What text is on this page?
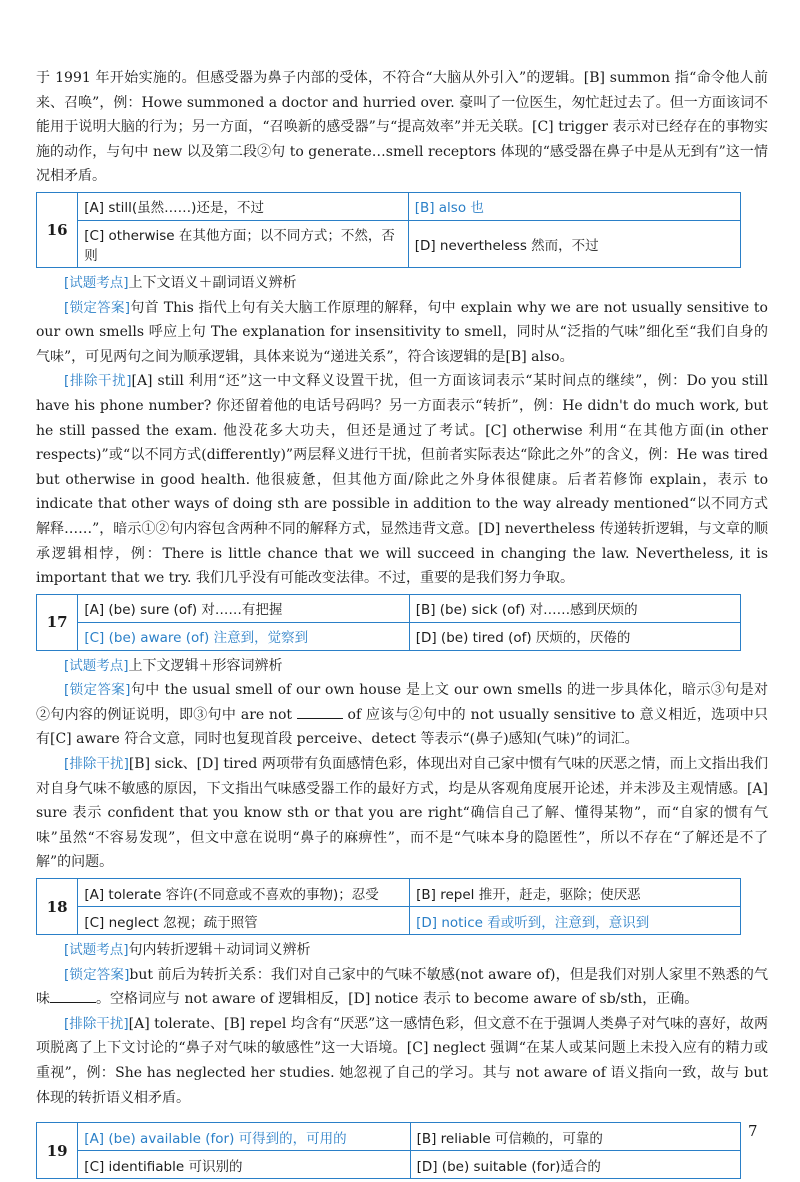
于 1991 年开始实施的。但感受器为鼻子内部的受体，不符合“大脑从外引入”的逻辑。[B] summon 指“命令他人前来、召唤”，例：Howe summoned a doctor and hurried over. 豪叫了一位医生，匆忙赶过去了。但一方面该词不能用于说明大脑的行为；另一方面，“召唤新的感受器”与“提高效率”并无关联。[C] trigger 表示对已经存在的事物实施的动作，与句中 new 以及第二段②句 to generate…smell receptors 体现的“感受器在鼻子中是从无到有”这一情况相矛盾。

16	[A] still(虽然……)还是，不过	[B] also 也
	[C] otherwise 在其他方面；以不同方式；不然，否则	[D] nevertheless 然而，不过

[试题考点]上下文语义＋副词语义辨析

[锁定答案]句首 This 指代上句有关大脑工作原理的解释，句中 explain why we are not usually sensitive to our own smells 呼应上句 The explanation for insensitivity to smell，同时从“泛指的气味”细化至“我们自身的气味”，可见两句之间为顺承逻辑，具体来说为“递进关系”，符合该逻辑的是[B] also。

[排除干扰][A] still 利用“还”这一中文释义设置干扰，但一方面该词表示“某时间点的继续”，例：Do you still have his phone number? 你还留着他的电话号码吗？另一方面表示“转折”，例：He didn't do much work, but he still passed the exam. 他没花多大功夫，但还是通过了考试。[C] otherwise 利用“在其他方面(in other respects)”或“以不同方式(differently)”两层释义进行干扰，但前者实际表达“除此之外”的含义，例：He was tired but otherwise in good health. 他很疲惫，但其他方面/除此之外身体很健康。后者若修饰 explain，表示 to indicate that other ways of doing sth are possible in addition to the way already mentioned“以不同方式解释……”，暗示①②句内容包含两种不同的解释方式，显然违背文意。[D] nevertheless 传递转折逻辑，与文章的顺承逻辑相悖，例：There is little chance that we will succeed in changing the law. Nevertheless, it is important that we try. 我们几乎没有可能改变法律。不过，重要的是我们努力争取。

17	[A] (be) sure (of) 对……有把握	[B] (be) sick (of) 对……感到厌烦的
	[C] (be) aware (of) 注意到，觉察到	[D] (be) tired (of) 厌烦的，厌倦的

[试题考点]上下文逻辑＋形容词辨析

[锁定答案]句中 the usual smell of our own house 是上文 our own smells 的进一步具体化，暗示③句是对②句内容的例证说明，即③句中 are not	of 应该与②句中的 not usually sensitive to 意义相近，选项中只有[C] aware 符合文意，同时也复现首段 perceive、detect 等表示“(鼻子)感知(气味)”的词汇。

[排除干扰][B] sick、[D] tired 两项带有负面感情色彩，体现出对自己家中惯有气味的厌恶之情，而上文指出我们对自身气味不敏感的原因，下文指出气味感受器工作的最好方式，均是从客观角度展开论述，并未涉及主观情感。[A] sure 表示 confident that you know sth or that you are right“确信自己了解、懂得某物”，而“自家的惯有气味”虽然“不容易发现”，但文中意在说明“鼻子的麻痹性”，而不是“气味本身的隐匿性”，所以不存在“了解还是不了解”的问题。

18	[A] tolerate 容许(不同意或不喜欢的事物)；忍受	[B] repel 推开，赶走，驱除；使厌恶
	[C] neglect 忽视；疏于照管	[D] notice 看或听到，注意到，意识到

[试题考点]句内转折逻辑＋动词词义辨析

[锁定答案]but 前后为转折关系：我们对自己家中的气味不敏感(not aware of)，但是我们对别人家里不熟悉的气味	。空格词应与 not aware of 逻辑相反，[D] notice 表示 to become aware of sb/sth，正确。

[排除干扰][A] tolerate、[B] repel 均含有“厌恶”这一感情色彩，但文意不在于强调人类鼻子对气味的喜好，故两项脱离了上下文讨论的“鼻子对气味的敏感性”这一大语境。[C] neglect 强调“在某人或某问题上未投入应有的精力或重视”，例：She has neglected her studies. 她忽视了自己的学习。其与 not aware of 语义指向一致，故与 but 体现的转折语义相矛盾。

19	[A] (be) available (for) 可得到的，可用的	[B] reliable 可信赖的，可靠的
	[C] identifiable 可识别的	[D] (be) suitable (for)适合的
7
